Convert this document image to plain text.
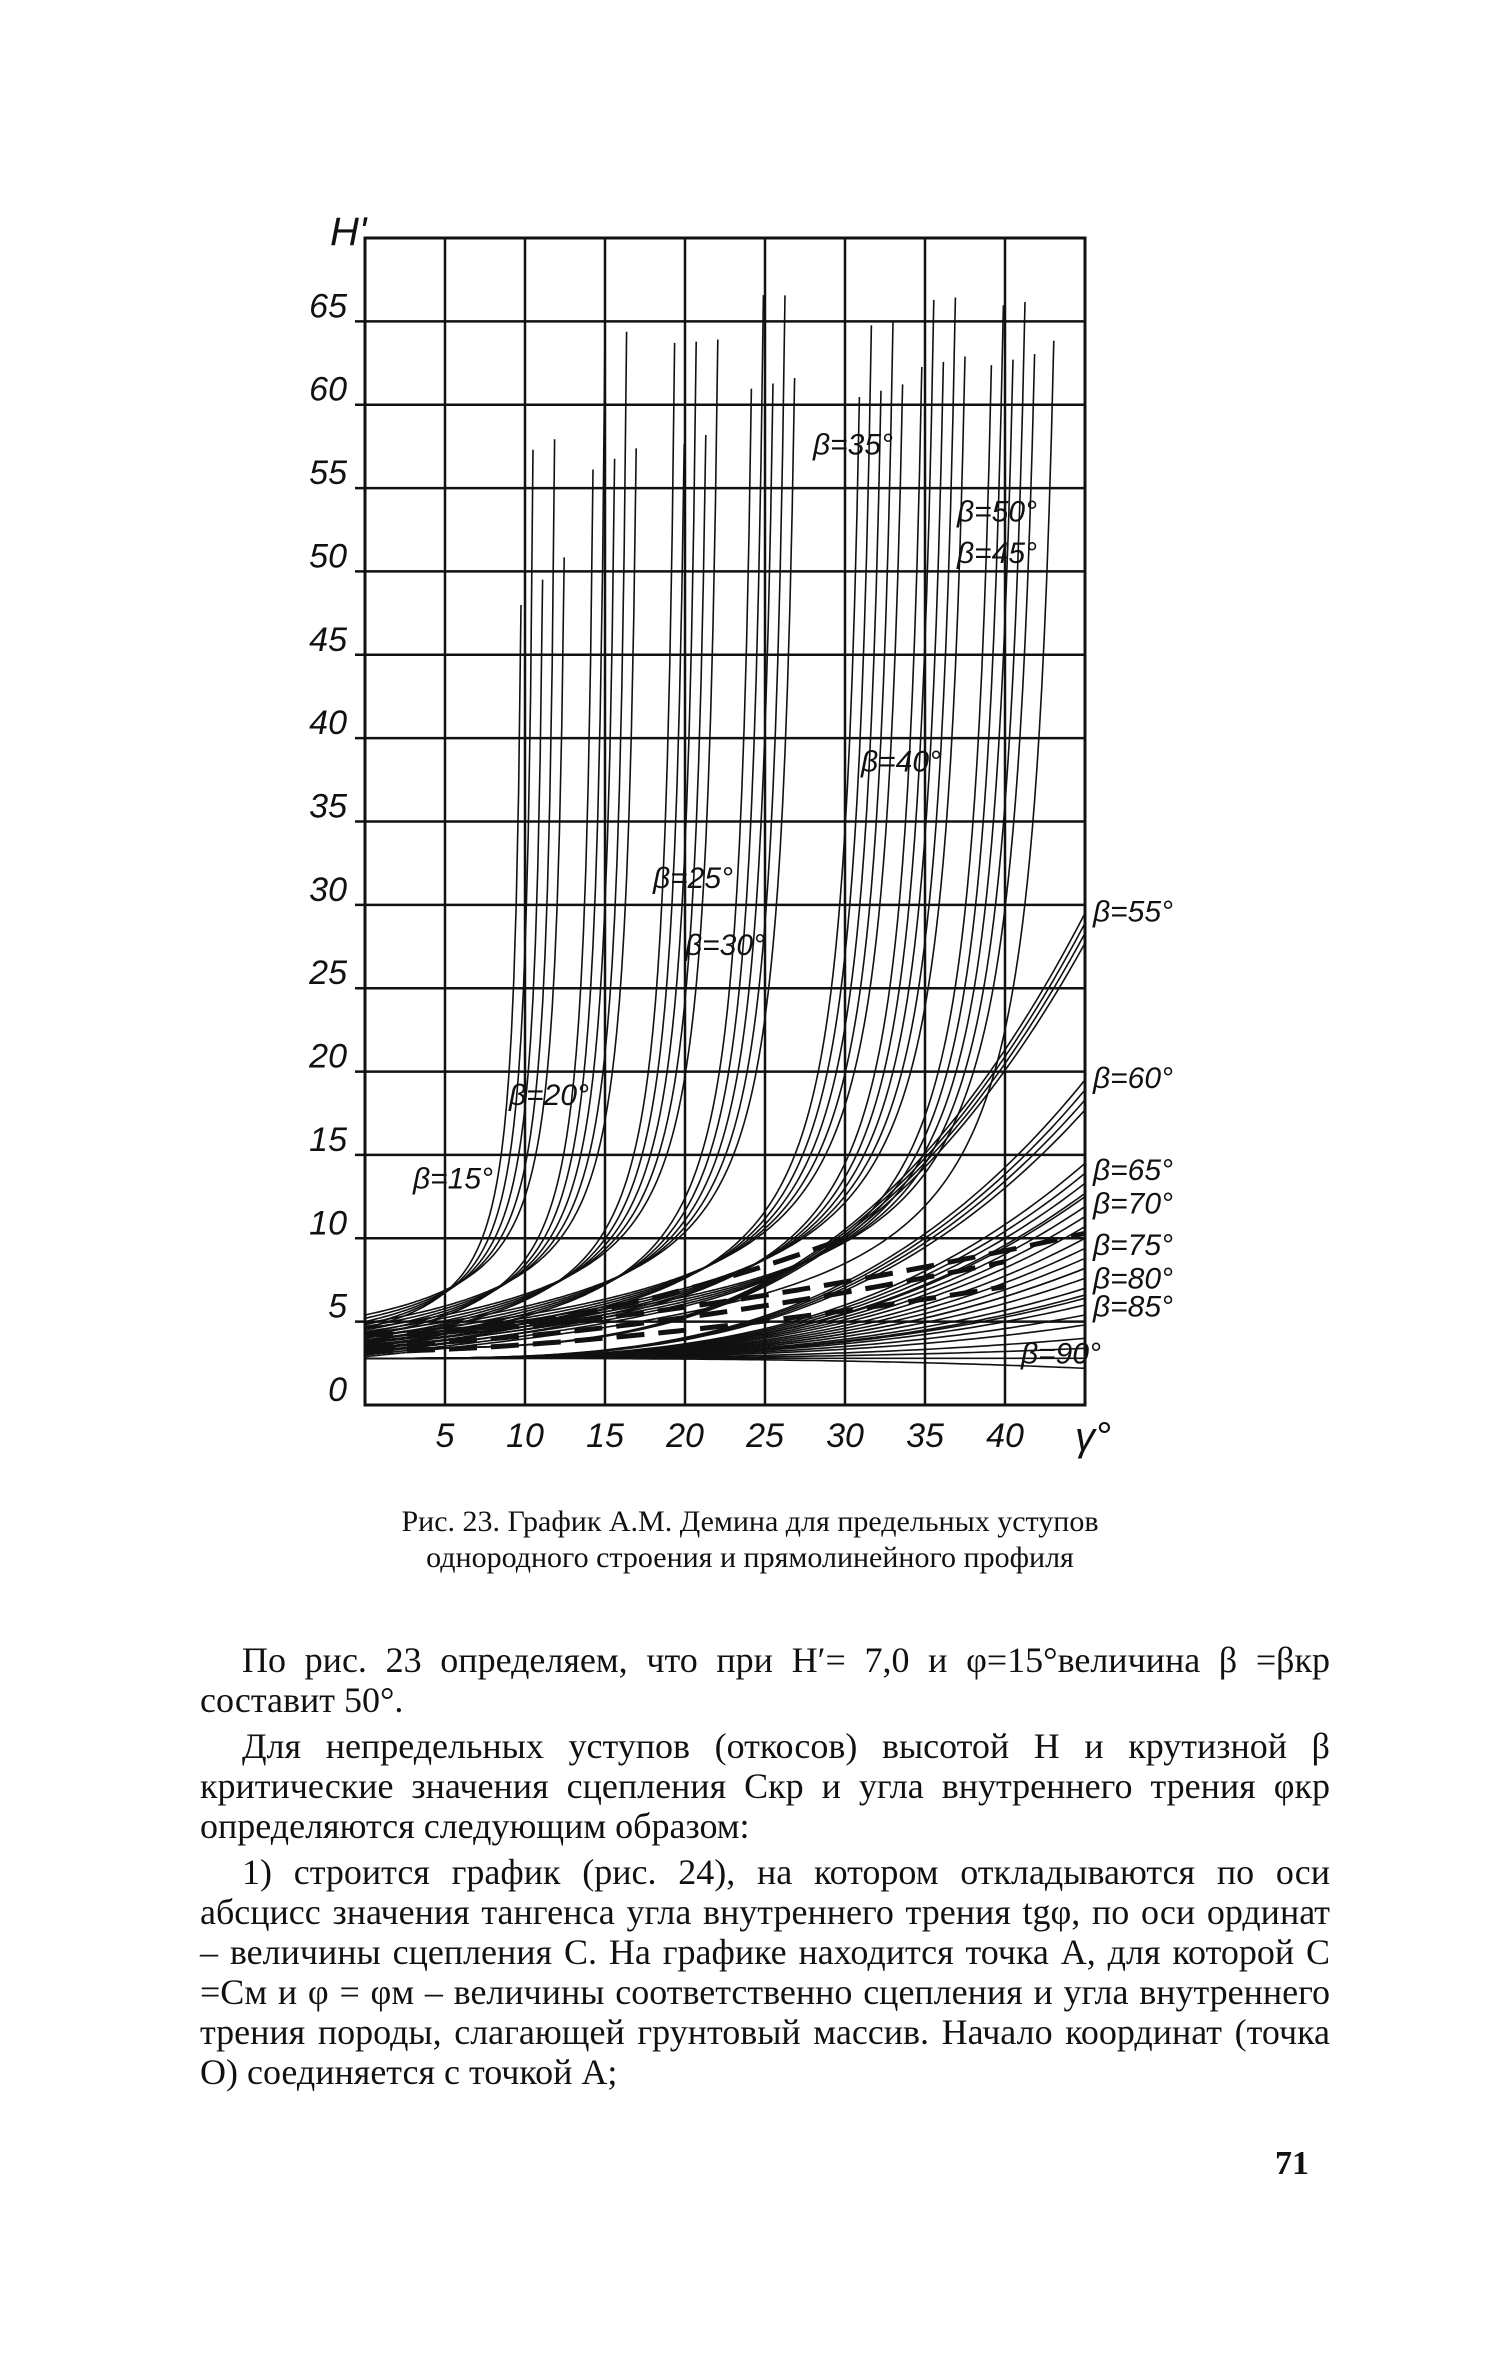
5 10 15 20 25 30 35 40
0
5
10
15
20
25
30
35
40
45
50
55
60
65
β=15°
β=20°
β=25°
β=30°
β=35°
β=40°
β=45°
β=50°
β=55°
β=60°
β=65°
β=70°
β=75°
β=80°
β=85°
β=90°
H'
γ°
Рис. 23. График А.М. Демина для предельных уступов
однородного строения и прямолинейного профиля

По рис. 23 определяем, что при H′= 7,0 и φ=15°величина β =βкр составит 50°.

Для непредельных уступов (откосов) высотой H и крутизной β критические значения сцепления Cкр и угла внутреннего трения φкр определяются следующим образом:

1) строится график (рис. 24), на котором откладываются по оси абсцисс значения тангенса угла внутреннего трения tgφ, по оси ординат – величины сцепления C. На графике находится точка A, для которой C =Cм и φ = φм – величины соответственно сцепления и угла внутреннего трения породы, слагающей грунтовый массив. Начало координат (точка O) соединяется с точкой A;

71
